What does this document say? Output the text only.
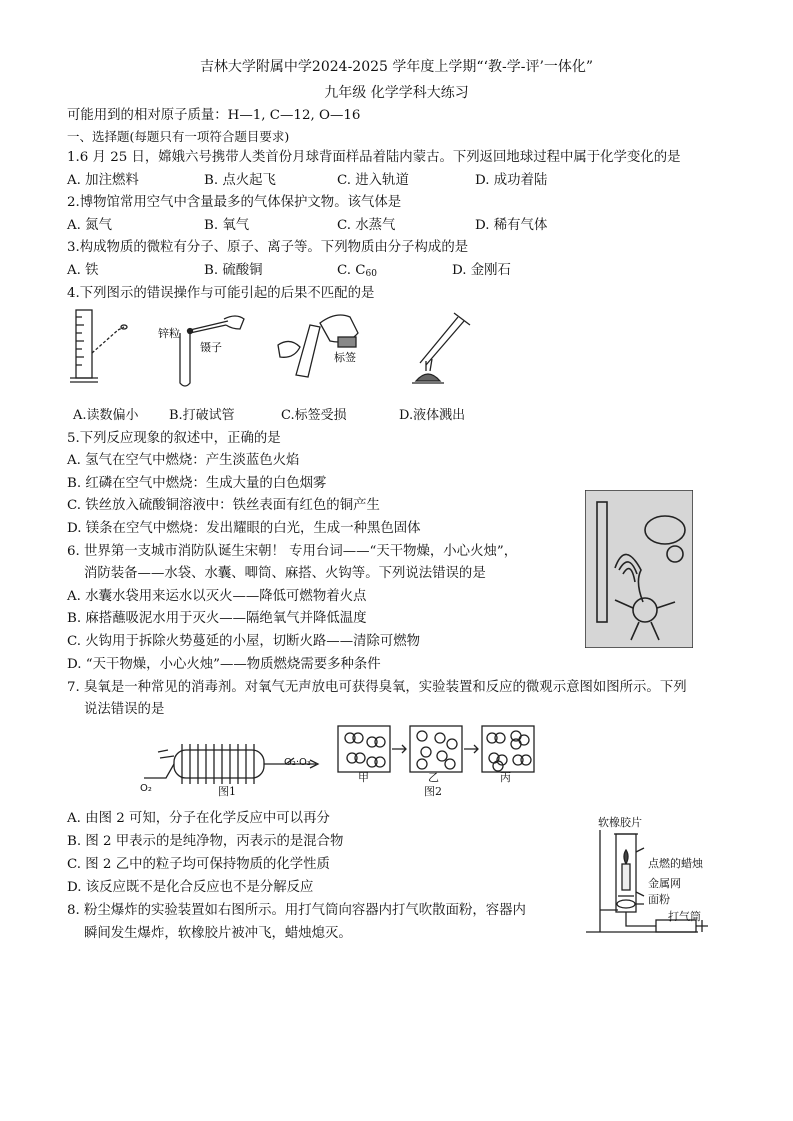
吉林大学附属中学2024-2025 学年度上学期“‘教-学-评’一体化”
九年级 化学学科大练习
可能用到的相对原子质量：H—1, C—12, O—16
一、选择题(每题只有一项符合题目要求)
1.6 月 25 日，嫦娥六号携带人类首份月球背面样品着陆内蒙古。下列返回地球过程中属于化学变化的是
A. 加注燃料	B. 点火起飞	C. 进入轨道	D. 成功着陆
2.博物馆常用空气中含量最多的气体保护文物。该气体是
A. 氮气	B. 氧气	C. 水蒸气	D. 稀有气体
3.构成物质的微粒有分子、原子、离子等。下列物质由分子构成的是
A. 铁	B. 硫酸铜	C. $C_{60}$	D. 金刚石
4.下列图示的错误操作与可能引起的后果不匹配的是
锌粒
镊子
标签
A.读数偏小 B.打破试管	C.标签受损	D.液体溅出
5.下列反应现象的叙述中，正确的是
A. 氢气在空气中燃烧：产生淡蓝色火焰
B. 红磷在空气中燃烧：生成大量的白色烟雾
C. 铁丝放入硫酸铜溶液中：铁丝表面有红色的铜产生
D. 镁条在空气中燃烧：发出耀眼的白光，生成一种黑色固体
6. 世界第一支城市消防队诞生宋朝！ 专用台词——“天干物燥，小心火烛”，
消防装备——水袋、水囊、唧筒、麻搭、火钩等。下列说法错误的是
A. 水囊水袋用来运水以灭火——降低可燃物着火点
B. 麻搭蘸吸泥水用于灭火——隔绝氧气并降低温度
C. 火钩用于拆除火势蔓延的小屋，切断火路——清除可燃物
D. “天干物燥，小心火烛”——物质燃烧需要多种条件
7. 臭氧是一种常见的消毒剂。对氧气无声放电可获得臭氧，实验装置和反应的微观示意图如图所示。下列
说法错误的是
O₂
O₂·O₃
图1
甲	乙	丙
图2
A. 由图 2 可知，分子在化学反应中可以再分
B. 图 2 甲表示的是纯净物，丙表示的是混合物
C. 图 2 乙中的粒子均可保持物质的化学性质
D. 该反应既不是化合反应也不是分解反应
8. 粉尘爆炸的实验装置如右图所示。用打气筒向容器内打气吹散面粉，容器内
瞬间发生爆炸，软橡胶片被冲飞，蜡烛熄灭。
软橡胶片
点燃的蜡烛
金属网
面粉
打气筒
